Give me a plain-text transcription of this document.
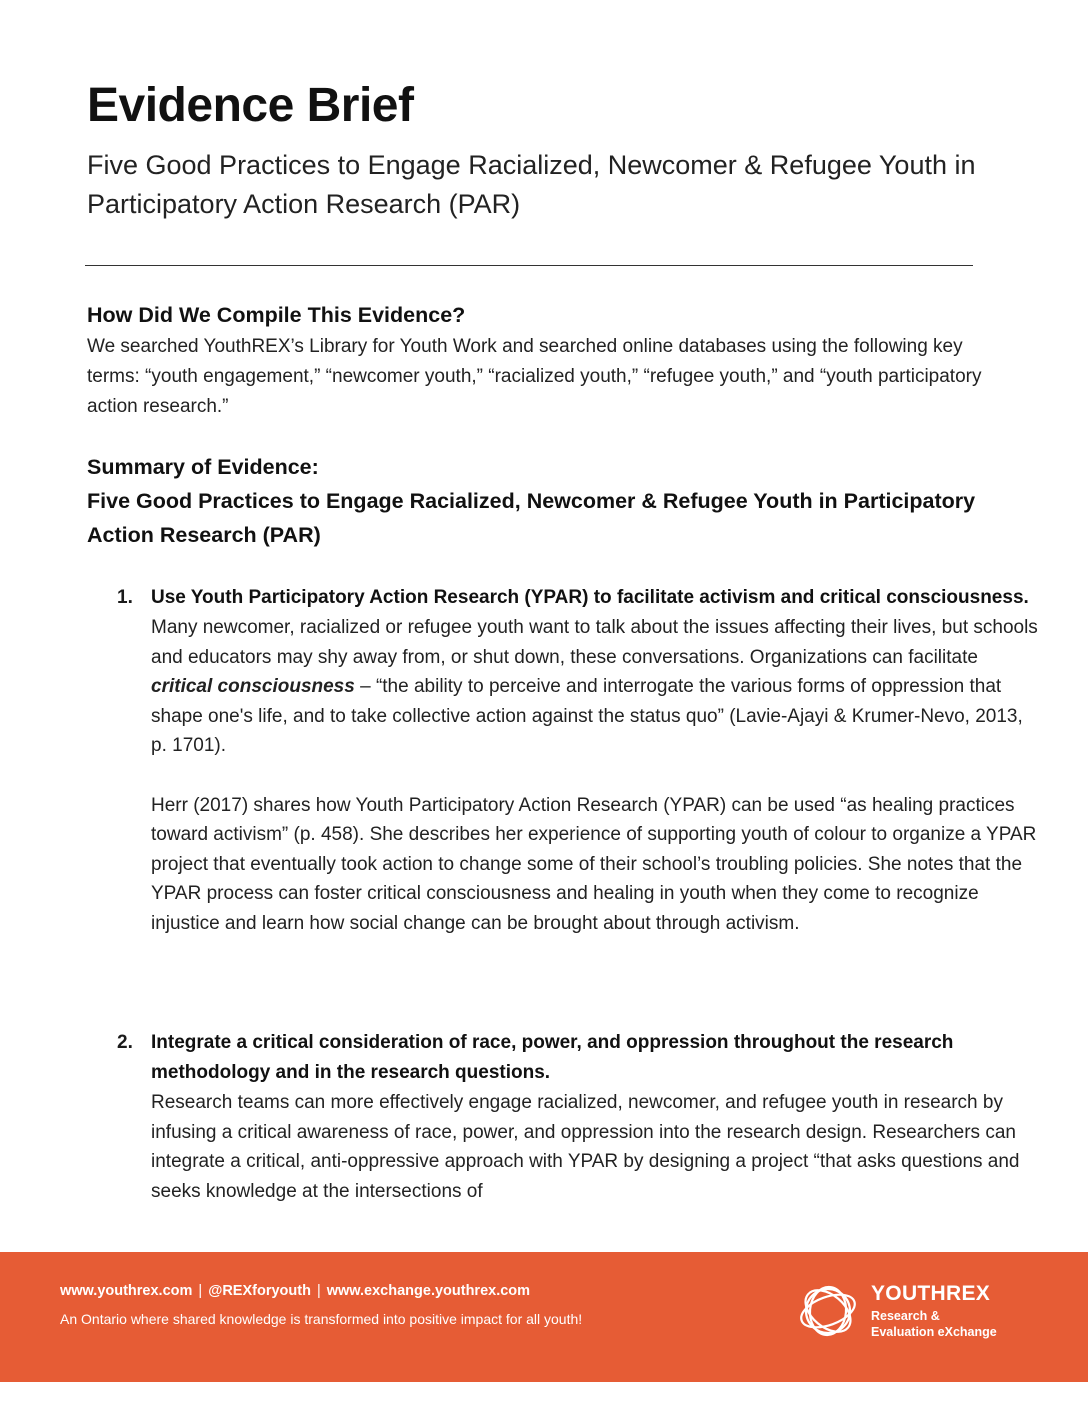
Evidence Brief

Five Good Practices to Engage Racialized, Newcomer & Refugee Youth in Participatory Action Research (PAR)

How Did We Compile This Evidence?

We searched YouthREX’s Library for Youth Work and searched online databases using the following key terms: “youth engagement,” “newcomer youth,” “racialized youth,” “refugee youth,” and “youth participatory action research.”

Summary of Evidence:
Five Good Practices to Engage Racialized, Newcomer & Refugee Youth in Participatory Action Research (PAR)
1. Use Youth Participatory Action Research (YPAR) to facilitate activism and critical consciousness.

Many newcomer, racialized or refugee youth want to talk about the issues affecting their lives, but schools and educators may shy away from, or shut down, these conversations. Organizations can facilitate critical consciousness – “the ability to perceive and interrogate the various forms of oppression that shape one's life, and to take collective action against the status quo” (Lavie-Ajayi & Krumer-Nevo, 2013, p. 1701).

Herr (2017) shares how Youth Participatory Action Research (YPAR) can be used “as healing practices toward activism” (p. 458). She describes her experience of supporting youth of colour to organize a YPAR project that eventually took action to change some of their school’s troubling policies. She notes that the YPAR process can foster critical consciousness and healing in youth when they come to recognize injustice and learn how social change can be brought about through activism.

2. Integrate a critical consideration of race, power, and oppression throughout the research methodology and in the research questions.

Research teams can more effectively engage racialized, newcomer, and refugee youth in research by infusing a critical awareness of race, power, and oppression into the research design. Researchers can integrate a critical, anti-oppressive approach with YPAR by designing a project “that asks questions and seeks knowledge at the intersections of

www.youthrex.com | @REXforyouth | www.exchange.youthrex.com
An Ontario where shared knowledge is transformed into positive impact for all youth!
YOUTHREX
Research &
Evaluation eXchange
